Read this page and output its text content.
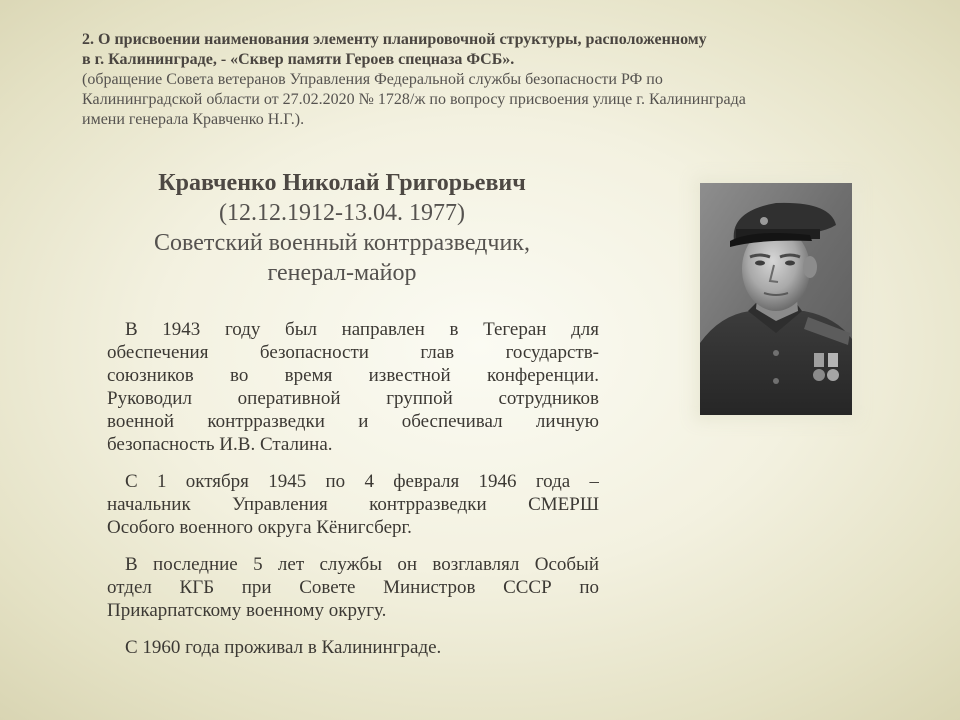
2. О присвоении наименования элементу планировочной структуры, расположенному
в г. Калининграде, - «Сквер памяти Героев спецназа ФСБ».
(обращение Совета ветеранов Управления Федеральной службы безопасности РФ по
Калининградской области от 27.02.2020 № 1728/ж по вопросу присвоения улице г. Калининграда
имени генерала Кравченко Н.Г.).
Кравченко Николай Григорьевич
(12.12.1912-13.04. 1977)
Советский военный контрразведчик,
генерал-майор

В 1943 году был направлен в Тегеран для
обеспечения безопасности глав государств-
союзников во время известной конференции.
Руководил оперативной группой сотрудников
военной контрразведки и обеспечивал личную
безопасность И.В. Сталина.

С 1 октября 1945 по 4 февраля 1946 года –
начальник Управления контрразведки СМЕРШ
Особого военного округа Кёнигсберг.

В последние 5 лет службы он возглавлял Особый
отдел КГБ при Совете Министров СССР по
Прикарпатскому военному округу.

С 1960 года проживал в Калининграде.
